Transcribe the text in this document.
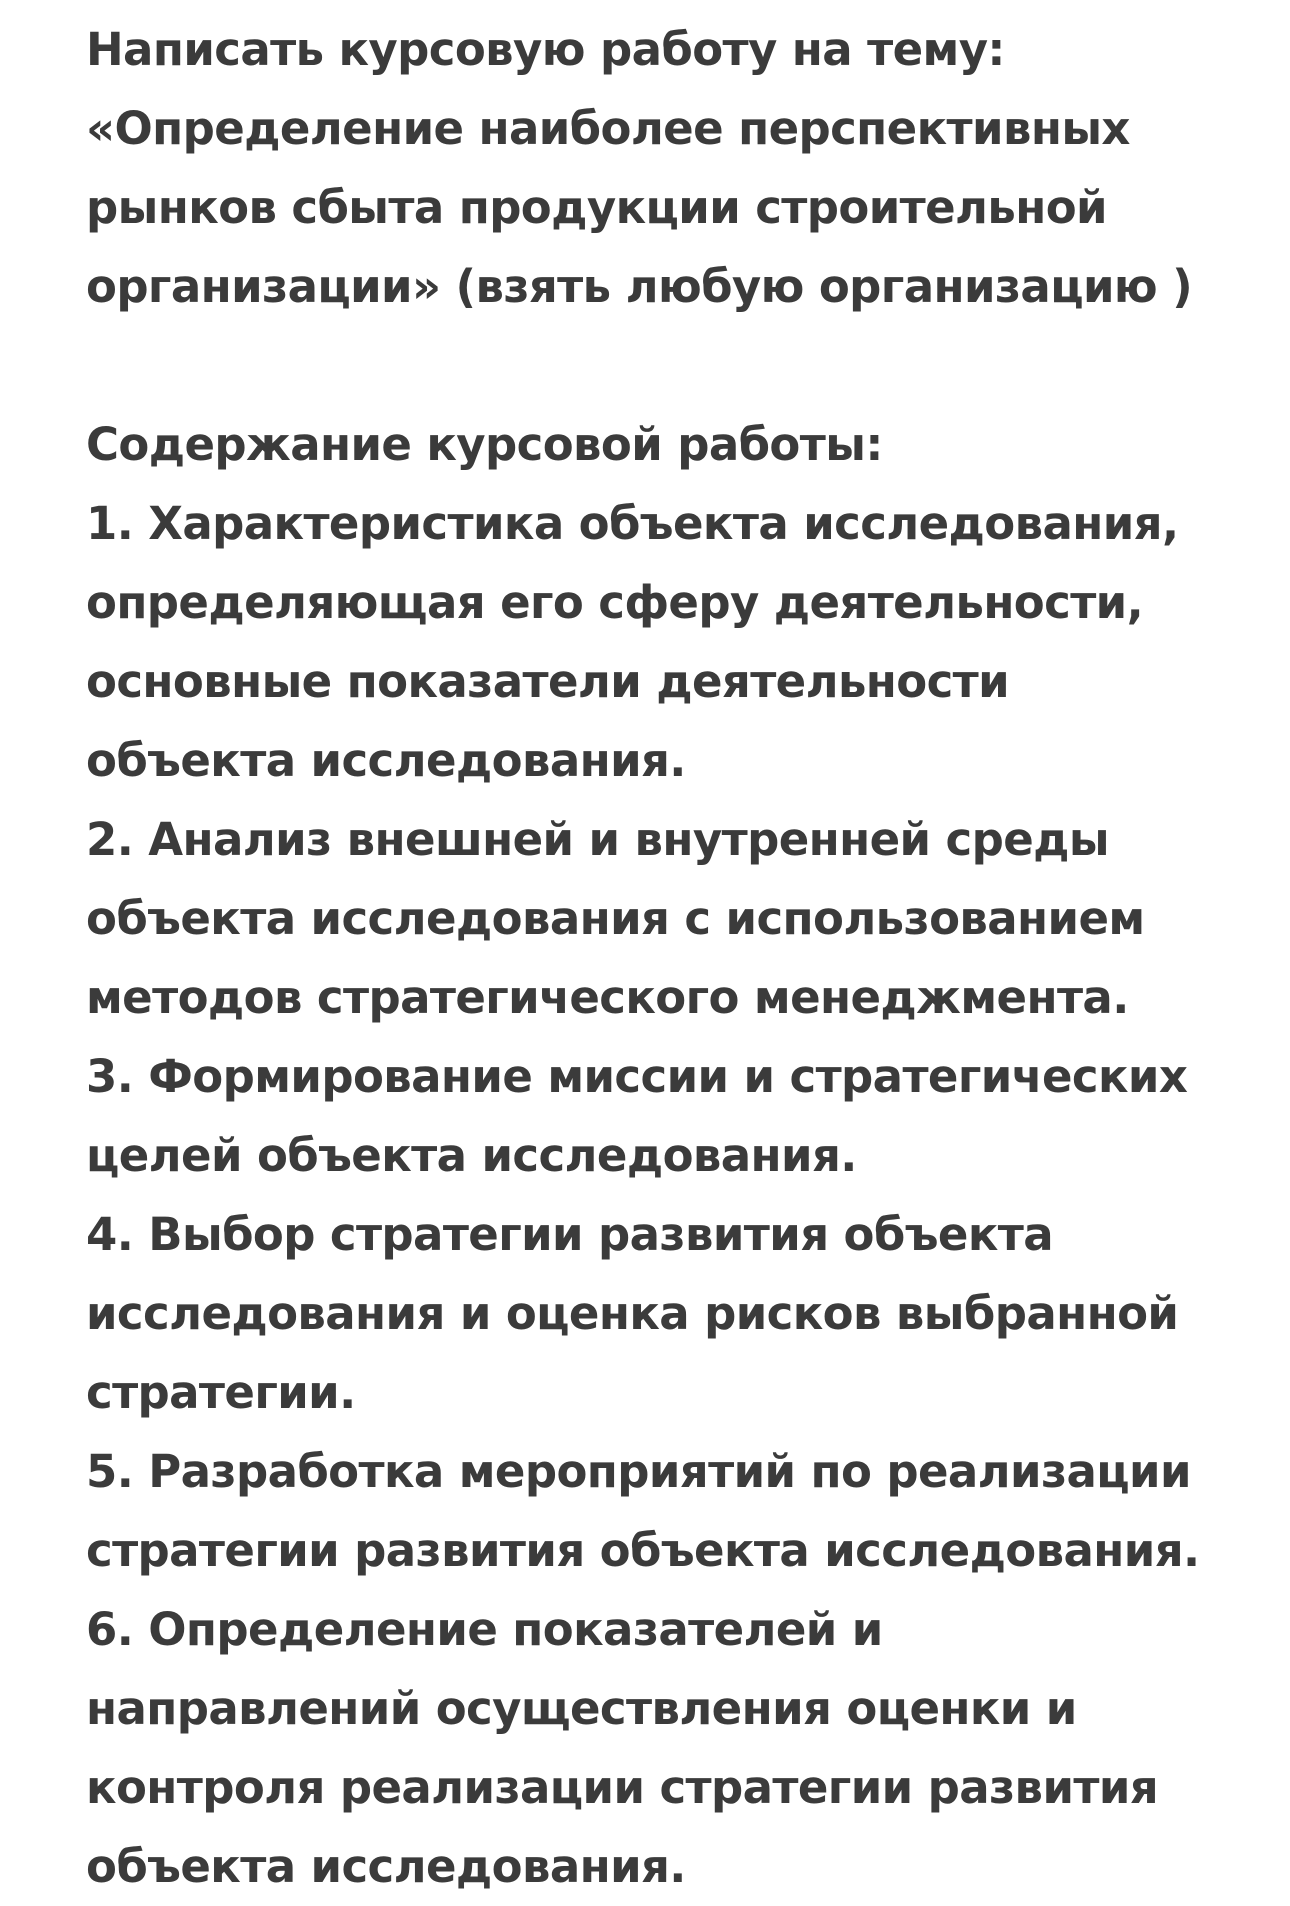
Написать курсовую работу на тему:
«Определение наиболее перспективных
рынков сбыта продукции строительной
организации» (взять любую организацию )
Содержание курсовой работы:
1. Характеристика объекта исследования,
определяющая его сферу деятельности,
основные показатели деятельности
объекта исследования.
2. Анализ внешней и внутренней среды
объекта исследования с использованием
методов стратегического менеджмента.
3. Формирование миссии и стратегических
целей объекта исследования.
4. Выбор стратегии развития объекта
исследования и оценка рисков выбранной
стратегии.
5. Разработка мероприятий по реализации
стратегии развития объекта исследования.
6. Определение показателей и
направлений осуществления оценки и
контроля реализации стратегии развития
объекта исследования.
